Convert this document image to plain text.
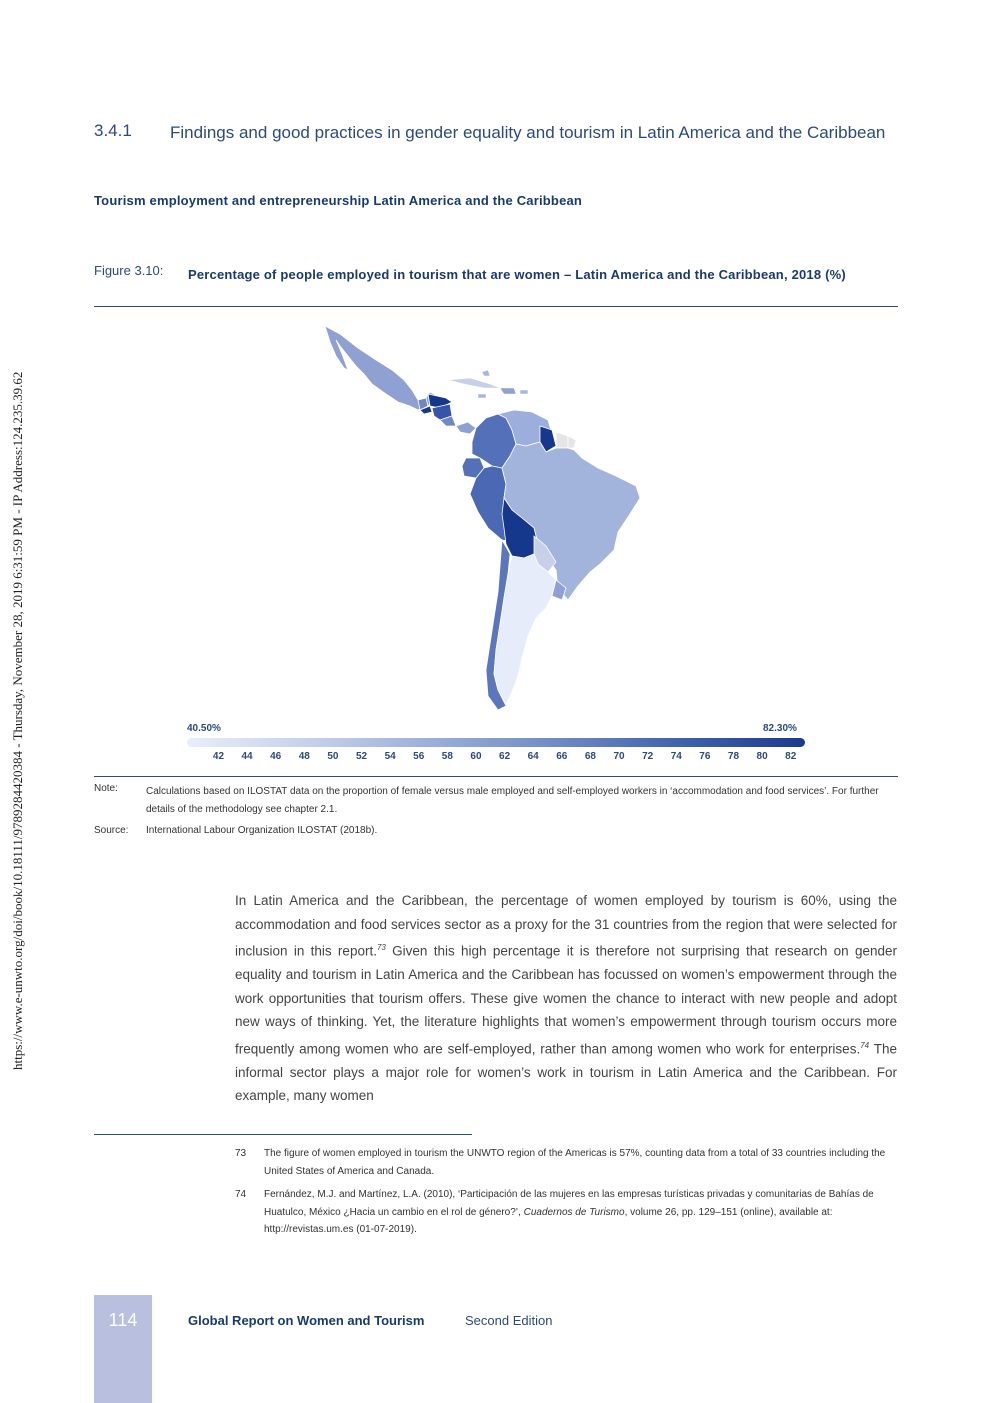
https://www.e-unwto.org/doi/book/10.18111/9789284420384 - Thursday, November 28, 2019 6:31:59 PM - IP Address:124.235.39.62
3.4.1 Findings and good practices in gender equality and tourism in Latin America and the Caribbean
Tourism employment and entrepreneurship Latin America and the Caribbean
Figure 3.10: Percentage of people employed in tourism that are women – Latin America and the Caribbean, 2018 (%)
40.50%	82.30%
42 44 46 48 50 52 54 56 58 60 62 64 66 68 70 72 74 76 78 80 82
Note:	Calculations based on ILOSTAT data on the proportion of female versus male employed and self-employed workers in ‘accommodation and food services’. For further details of the methodology see chapter 2.1.
Source: International Labour Organization ILOSTAT (2018b).
In Latin America and the Caribbean, the percentage of women employed by tourism is 60%, using the accommodation and food services sector as a proxy for the 31 countries from the region that were selected for inclusion in this report.$^{73}$ Given this high percentage it is therefore not surprising that research on gender equality and tourism in Latin America and the Caribbean has focussed on women’s empowerment through the work opportunities that tourism offers. These give women the chance to interact with new people and adopt new ways of thinking. Yet, the literature highlights that women’s empowerment through tourism occurs more frequently among women who are self-employed, rather than among women who work for enterprises.$^{74}$ The informal sector plays a major role for women’s work in tourism in Latin America and the Caribbean. For example, many women
73 The figure of women employed in tourism the UNWTO region of the Americas is 57%, counting data from a total of 33 countries including the United States of America and Canada.
74 Fernández, M.J. and Martínez, L.A. (2010), ‘Participación de las mujeres en las empresas turísticas privadas y comunitarias de Bahías de Huatulco, México ¿Hacia un cambio en el rol de género?’, Cuadernos de Turismo, volume 26, pp. 129–151 (online), available at: http://revistas.um.es (01-07-2019).
114	Global Report on Women and Tourism	Second Edition
